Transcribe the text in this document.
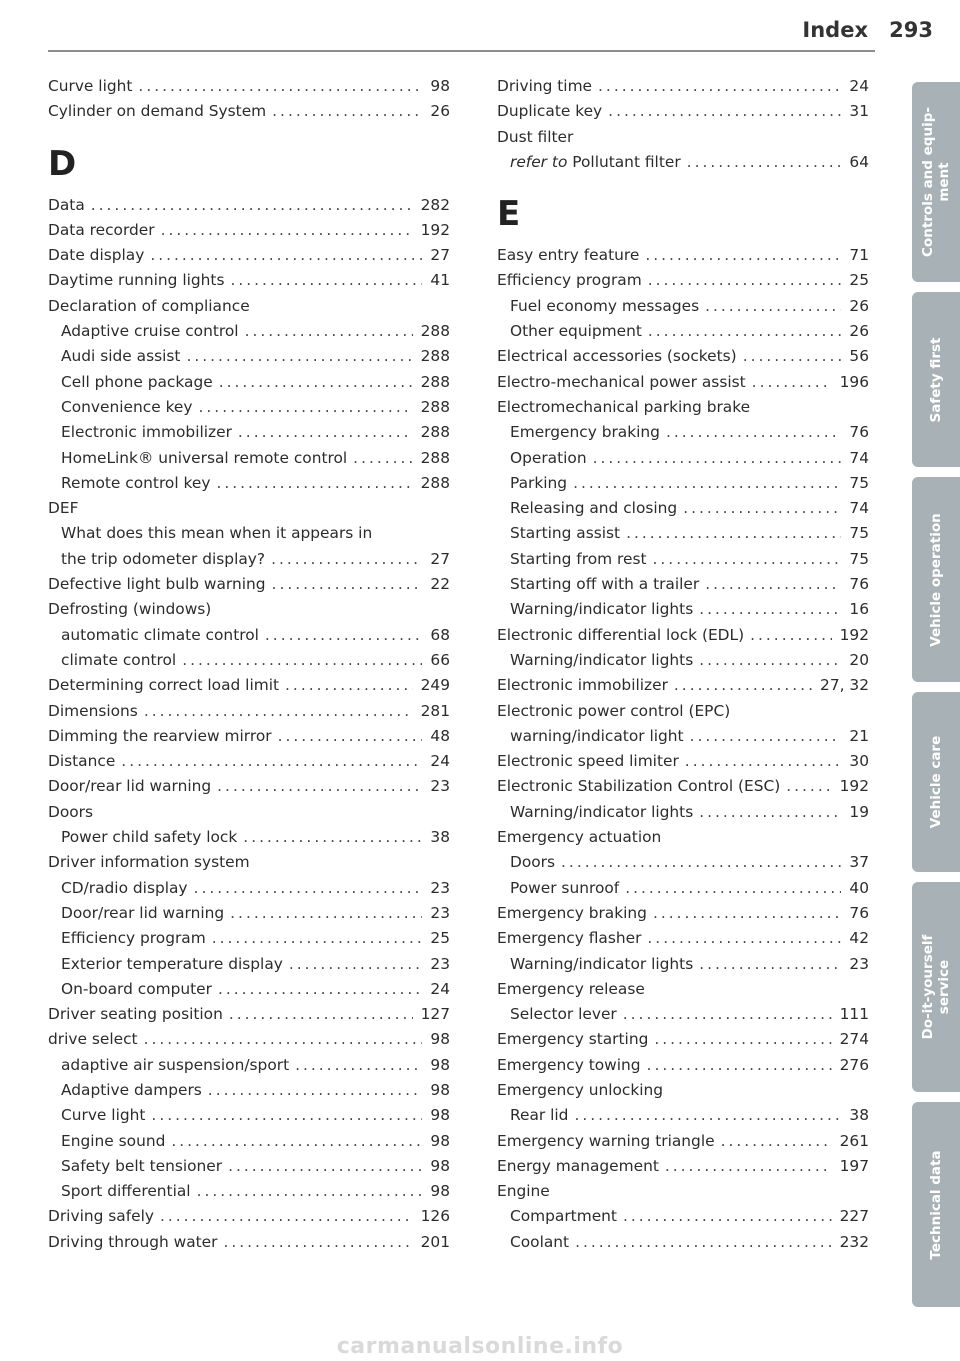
Index 293
Curve light .....	98
Cylinder on demand System .....	26
D
Data .....	282
Data recorder .....	192
Date display .....	27
Daytime running lights .....	41
Declaration of compliance
Adaptive cruise control .....	288
Audi side assist .....	288
Cell phone package .....	288
Convenience key .....	288
Electronic immobilizer .....	288
HomeLink® universal remote control .....	288
Remote control key .....	288
DEF
What does this mean when it appears in
the trip odometer display? .....	27
Defective light bulb warning .....	22
Defrosting (windows)
automatic climate control .....	68
climate control .....	66
Determining correct load limit .....	249
Dimensions .....	281
Dimming the rearview mirror .....	48
Distance .....	24
Door/rear lid warning .....	23
Doors
Power child safety lock .....	38
Driver information system
CD/radio display .....	23
Door/rear lid warning .....	23
Efficiency program .....	25
Exterior temperature display .....	23
On-board computer .....	24
Driver seating position .....	127
drive select .....	98
adaptive air suspension/sport .....	98
Adaptive dampers .....	98
Curve light .....	98
Engine sound .....	98
Safety belt tensioner .....	98
Sport differential .....	98
Driving safely .....	126
Driving through water .....	201
Driving time .....	24
Duplicate key .....	31
Dust filter
refer to Pollutant filter .....	64
E
Easy entry feature .....	71
Efficiency program .....	25
Fuel economy messages .....	26
Other equipment .....	26
Electrical accessories (sockets) .....	56
Electro-mechanical power assist .....	196
Electromechanical parking brake
Emergency braking .....	76
Operation .....	74
Parking .....	75
Releasing and closing .....	74
Starting assist .....	75
Starting from rest .....	75
Starting off with a trailer .....	76
Warning/indicator lights .....	16
Electronic differential lock (EDL) .....	192
Warning/indicator lights .....	20
Electronic immobilizer .....	27, 32
Electronic power control (EPC)
warning/indicator light .....	21
Electronic speed limiter .....	30
Electronic Stabilization Control (ESC) .....	192
Warning/indicator lights .....	19
Emergency actuation
Doors .....	37
Power sunroof .....	40
Emergency braking .....	76
Emergency flasher .....	42
Warning/indicator lights .....	23
Emergency release
Selector lever .....	111
Emergency starting .....	274
Emergency towing .....	276
Emergency unlocking
Rear lid .....	38
Emergency warning triangle .....	261
Energy management .....	197
Engine
Compartment .....	227
Coolant .....	232
Controls and equip-
ment
Safety first
Vehicle operation
Vehicle care
Do-it-yourself
service
Technical data
carmanualsonline.info
